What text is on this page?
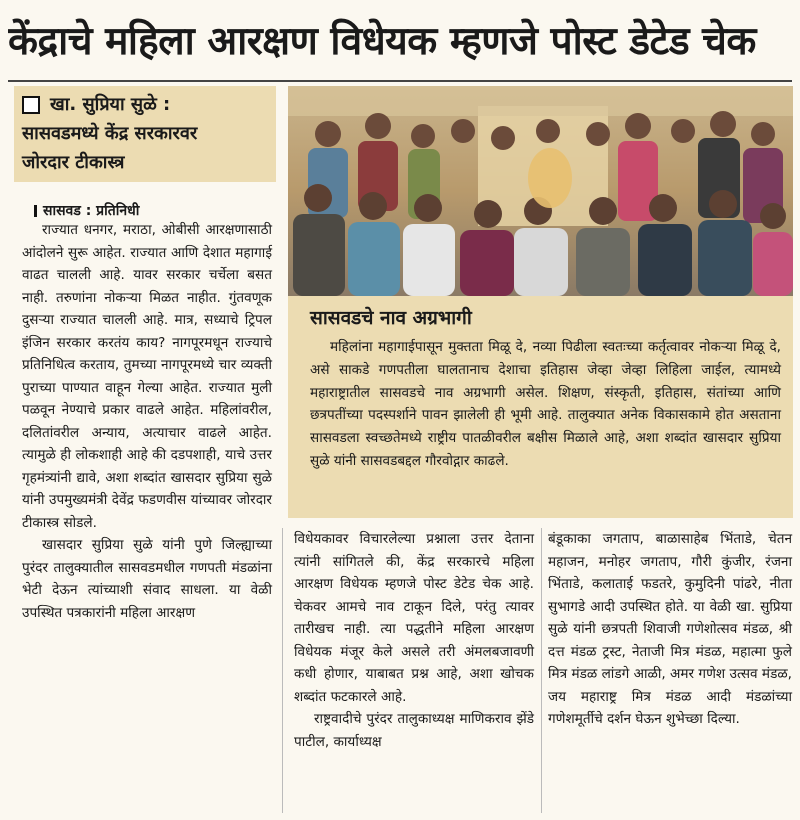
केंद्राचे महिला आरक्षण विधेयक म्हणजे पोस्ट डेटेड चेक
खा. सुप्रिया सुळे :
सासवडमध्ये केंद्र सरकारवर
जोरदार टीकास्त्र
सासवड : प्रतिनिधी

राज्यात धनगर, मराठा, ओबीसी आरक्षणासाठी आंदोलने सुरू आहेत. राज्यात आणि देशात महागाई वाढत चालली आहे. यावर सरकार चर्चेला बसत नाही. तरुणांना नोकऱ्या मिळत नाहीत. गुंतवणूक दुसऱ्या राज्यात चालली आहे. मात्र, सध्याचे ट्रिपल इंजिन सरकार करतंय काय? नागपूरमधून राज्याचे प्रतिनिधित्व करताय, तुमच्या नागपूरमध्ये चार व्यक्ती पुराच्या पाण्यात वाहून गेल्या आहेत. राज्यात मुली पळवून नेण्याचे प्रकार वाढले आहेत. महिलांवरील, दलितांवरील अन्याय, अत्याचार वाढले आहेत. त्यामुळे ही लोकशाही आहे की दडपशाही, याचे उत्तर गृहमंत्र्यांनी द्यावे, अशा शब्दांत खासदार सुप्रिया सुळे यांनी उपमुख्यमंत्री देवेंद्र फडणवीस यांच्यावर जोरदार टीकास्त्र सोडले.

खासदार सुप्रिया सुळे यांनी पुणे जिल्ह्याच्या पुरंदर तालुक्यातील सासवडमधील गणपती मंडळांना भेटी देऊन त्यांच्याशी संवाद साधला. या वेळी उपस्थित पत्रकारांनी महिला आरक्षण

सासवडचे नाव अग्रभागी
महिलांना महागाईपासून मुक्तता मिळू दे, नव्या पिढीला स्वतःच्या कर्तृत्वावर नोकऱ्या मिळू दे, असे साकडे गणपतीला घालतानाच देशाचा इतिहास जेव्हा जेव्हा लिहिला जाईल, त्यामध्ये महाराष्ट्रातील सासवडचे नाव अग्रभागी असेल. शिक्षण, संस्कृती, इतिहास, संतांच्या आणि छत्रपतींच्या पदस्पर्शाने पावन झालेली ही भूमी आहे. तालुक्यात अनेक विकासकामे होत असताना सासवडला स्वच्छतेमध्ये राष्ट्रीय पातळीवरील बक्षीस मिळाले आहे, अशा शब्दांत खासदार सुप्रिया सुळे यांनी सासवडबद्दल गौरवोद्गार काढले.

विधेयकावर विचारलेल्या प्रश्नाला उत्तर देताना त्यांनी सांगितले की, केंद्र सरकारचे महिला आरक्षण विधेयक म्हणजे पोस्ट डेटेड चेक आहे. चेकवर आमचे नाव टाकून दिले, परंतु त्यावर तारीखच नाही. त्या पद्धतीने महिला आरक्षण विधेयक मंजूर केले असले तरी अंमलबजावणी कधी होणार, याबाबत प्रश्न आहे, अशा खोचक शब्दांत फटकारले आहे.

राष्ट्रवादीचे पुरंदर तालुकाध्यक्ष माणिकराव झेंडे पाटील, कार्याध्यक्ष

बंडूकाका जगताप, बाळासाहेब भिंताडे, चेतन महाजन, मनोहर जगताप, गौरी कुंजीर, रंजना भिंताडे, कलाताई फडतरे, कुमुदिनी पांढरे, नीता सुभागडे आदी उपस्थित होते. या वेळी खा. सुप्रिया सुळे यांनी छत्रपती शिवाजी गणेशोत्सव मंडळ, श्री दत्त मंडळ ट्रस्ट, नेताजी मित्र मंडळ, महात्मा फुले मित्र मंडळ लांडगे आळी, अमर गणेश उत्सव मंडळ, जय महाराष्ट्र मित्र मंडळ आदी मंडळांच्या गणेशमूर्तीचे दर्शन घेऊन शुभेच्छा दिल्या.
